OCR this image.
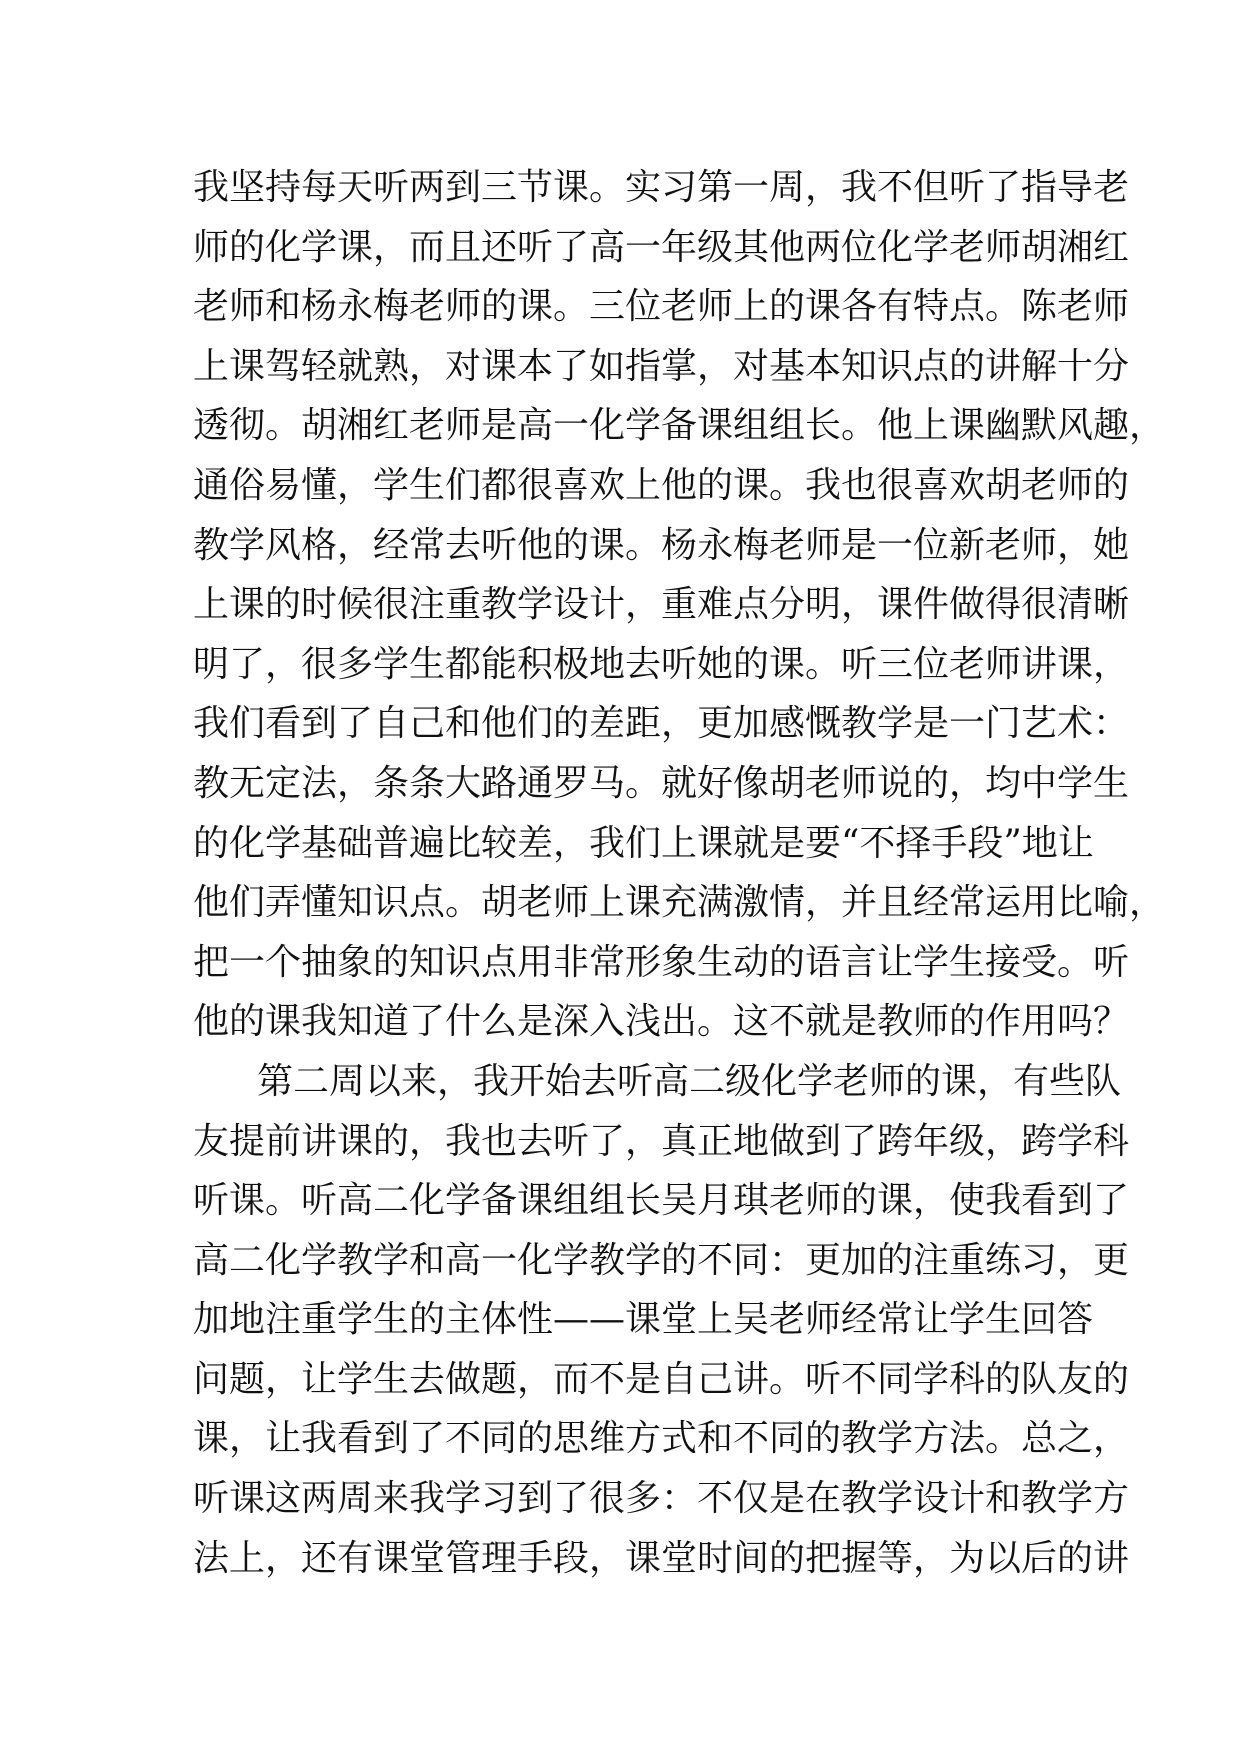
我坚持每天听两到三节课。实习第一周，我不但听了指导老
师的化学课，而且还听了高一年级其他两位化学老师胡湘红
老师和杨永梅老师的课。三位老师上的课各有特点。陈老师
上课驾轻就熟，对课本了如指掌，对基本知识点的讲解十分
透彻。胡湘红老师是高一化学备课组组长。他上课幽默风趣，
通俗易懂，学生们都很喜欢上他的课。我也很喜欢胡老师的
教学风格，经常去听他的课。杨永梅老师是一位新老师，她
上课的时候很注重教学设计，重难点分明，课件做得很清晰
明了，很多学生都能积极地去听她的课。听三位老师讲课，
我们看到了自己和他们的差距，更加感慨教学是一门艺术：
教无定法，条条大路通罗马。就好像胡老师说的，均中学生
的化学基础普遍比较差，我们上课就是要“不择手段”地让
他们弄懂知识点。胡老师上课充满激情，并且经常运用比喻，
把一个抽象的知识点用非常形象生动的语言让学生接受。听
他的课我知道了什么是深入浅出。这不就是教师的作用吗？
第二周以来，我开始去听高二级化学老师的课，有些队
友提前讲课的，我也去听了，真正地做到了跨年级，跨学科
听课。听高二化学备课组组长吴月琪老师的课，使我看到了
高二化学教学和高一化学教学的不同：更加的注重练习，更
加地注重学生的主体性——课堂上吴老师经常让学生回答
问题，让学生去做题，而不是自己讲。听不同学科的队友的
课，让我看到了不同的思维方式和不同的教学方法。总之，
听课这两周来我学习到了很多：不仅是在教学设计和教学方
法上，还有课堂管理手段，课堂时间的把握等，为以后的讲
